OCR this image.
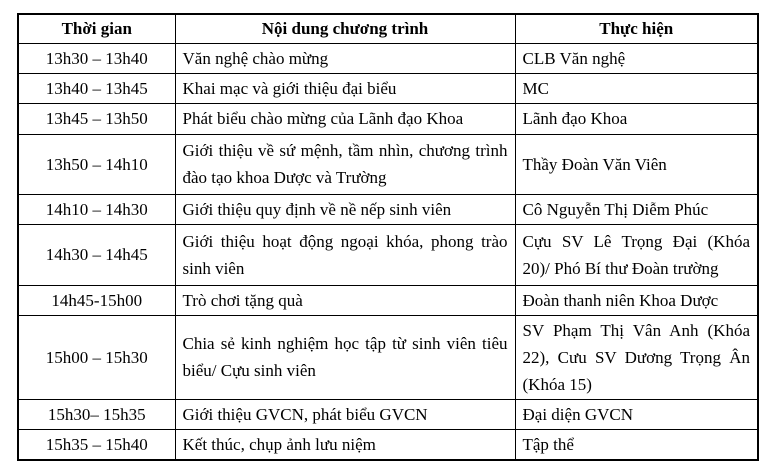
Thời gian	Nội dung chương trình	Thực hiện
13h30 – 13h40	Văn nghệ chào mừng	CLB Văn nghệ
13h40 – 13h45	Khai mạc và giới thiệu đại biểu	MC
13h45 – 13h50	Phát biểu chào mừng của Lãnh đạo Khoa	Lãnh đạo Khoa
13h50 – 14h10	Giới thiệu về sứ mệnh, tầm nhìn, chương trình đào tạo khoa Dược và Trường	Thầy Đoàn Văn Viên
14h10 – 14h30	Giới thiệu quy định về nề nếp sinh viên	Cô Nguyễn Thị Diễm Phúc
14h30 – 14h45	Giới thiệu hoạt động ngoại khóa, phong trào sinh viên	Cựu SV Lê Trọng Đại (Khóa 20)/ Phó Bí thư Đoàn trường
14h45-15h00	Trò chơi tặng quà	Đoàn thanh niên Khoa Dược
15h00 – 15h30	Chia sẻ kinh nghiệm học tập từ sinh viên tiêu biểu/ Cựu sinh viên	SV Phạm Thị Vân Anh (Khóa 22), Cưu SV Dương Trọng Ân (Khóa 15)
15h30– 15h35	Giới thiệu GVCN, phát biểu GVCN	Đại diện GVCN
15h35 – 15h40	Kết thúc, chụp ảnh lưu niệm	Tập thể
